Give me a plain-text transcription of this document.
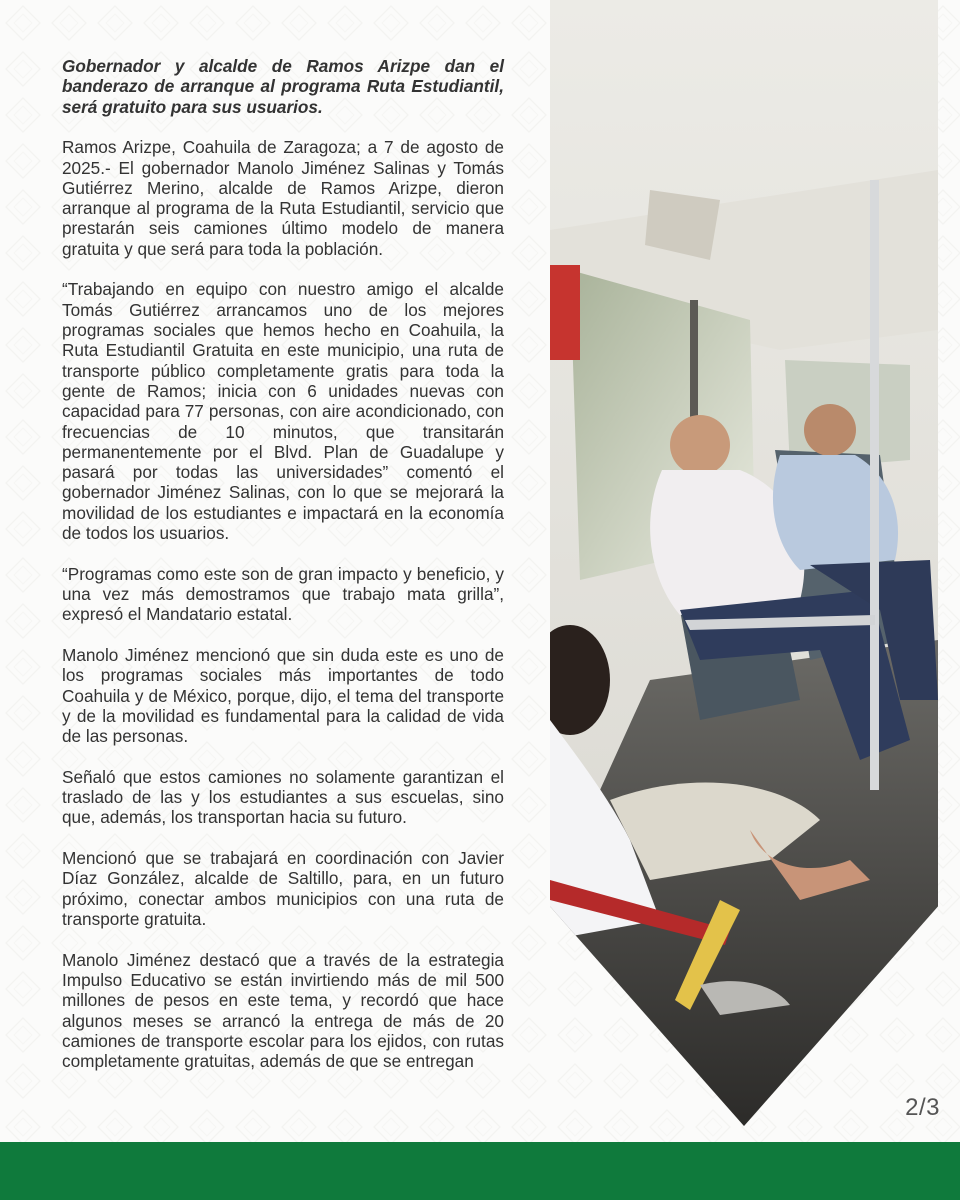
Gobernador y alcalde de Ramos Arizpe dan el banderazo de arranque al programa Ruta Estudiantil, será gratuito para sus usuarios.

Ramos Arizpe, Coahuila de Zaragoza; a 7 de agosto de 2025.- El gobernador Manolo Jiménez Salinas y Tomás Gutiérrez Merino, alcalde de Ramos Arizpe, dieron arranque al programa de la Ruta Estudiantil, servicio que prestarán seis camiones último modelo de manera gratuita y que será para toda la población.

“Trabajando en equipo con nuestro amigo el alcalde Tomás Gutiérrez arrancamos uno de los mejores programas sociales que hemos hecho en Coahuila, la Ruta Estudiantil Gratuita en este municipio, una ruta de transporte público completamente gratis para toda la gente de Ramos; inicia con 6 unidades nuevas con capacidad para 77 personas, con aire acondicionado, con frecuencias de 10 minutos, que transitarán permanentemente por el Blvd. Plan de Guadalupe y pasará por todas las universidades” comentó el gobernador Jiménez Salinas, con lo que se mejorará la movilidad de los estudiantes e impactará en la economía de todos los usuarios.

“Programas como este son de gran impacto y beneficio, y una vez más demostramos que trabajo mata grilla”, expresó el Mandatario estatal.

Manolo Jiménez mencionó que sin duda este es uno de los programas sociales más importantes de todo Coahuila y de México, porque, dijo, el tema del transporte y de la movilidad es fundamental para la calidad de vida de las personas.

Señaló que estos camiones no solamente garantizan el traslado de las y los estudiantes a sus escuelas, sino que, además, los transportan hacia su futuro.

Mencionó que se trabajará en coordinación con Javier Díaz González, alcalde de Saltillo, para, en un futuro próximo, conectar ambos municipios con una ruta de transporte gratuita.

Manolo Jiménez destacó que a través de la estrategia Impulso Educativo se están invirtiendo más de mil 500 millones de pesos en este tema, y recordó que hace algunos meses se arrancó la entrega de más de 20 camiones de transporte escolar para los ejidos, con rutas completamente gratuitas, además de que se entregan

2/3
